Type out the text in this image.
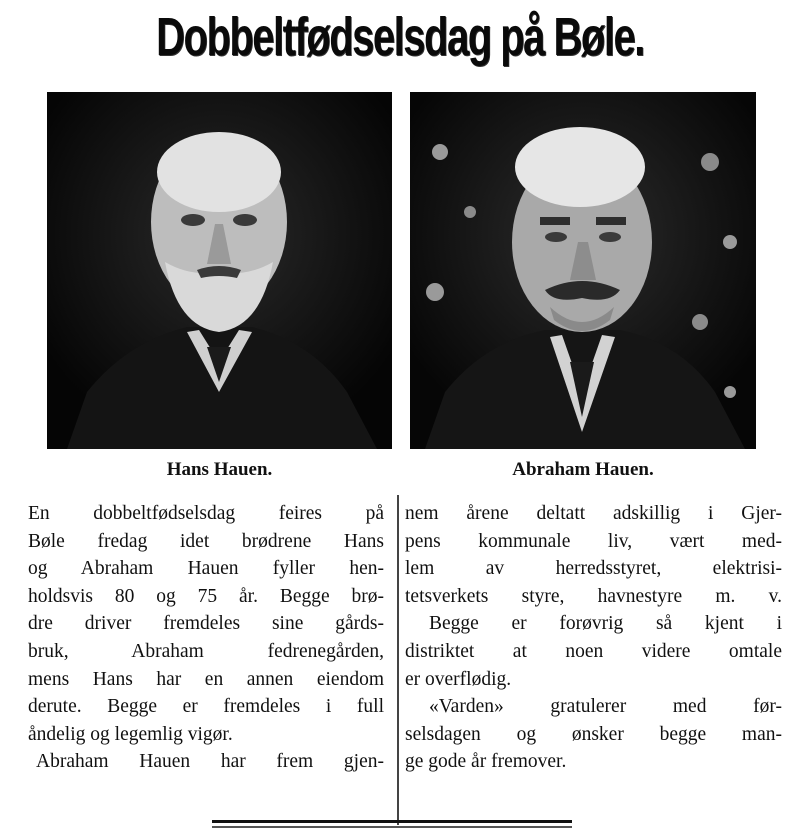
Dobbeltfødselsdag på Bøle.
Hans Hauen.	Abraham Hauen.
En dobbeltfødselsdag feires på
Bøle fredag idet brødrene Hans
og Abraham Hauen fyller hen-
holdsvis 80 og 75 år. Begge brø-
dre driver fremdeles sine gårds-
bruk, Abraham fedrenegården,
mens Hans har en annen eiendom
derute. Begge er fremdeles i full
åndelig og legemlig vigør.
Abraham Hauen har frem gjen-
nem årene deltatt adskillig i Gjer-
pens kommunale liv, vært med-
lem av herredsstyret, elektrisi-
tetsverkets styre, havnestyre m. v.
Begge er forøvrig så kjent i
distriktet at noen videre omtale
er overflødig.
«Varden» gratulerer med før-
selsdagen og ønsker begge man-
ge gode år fremover.
